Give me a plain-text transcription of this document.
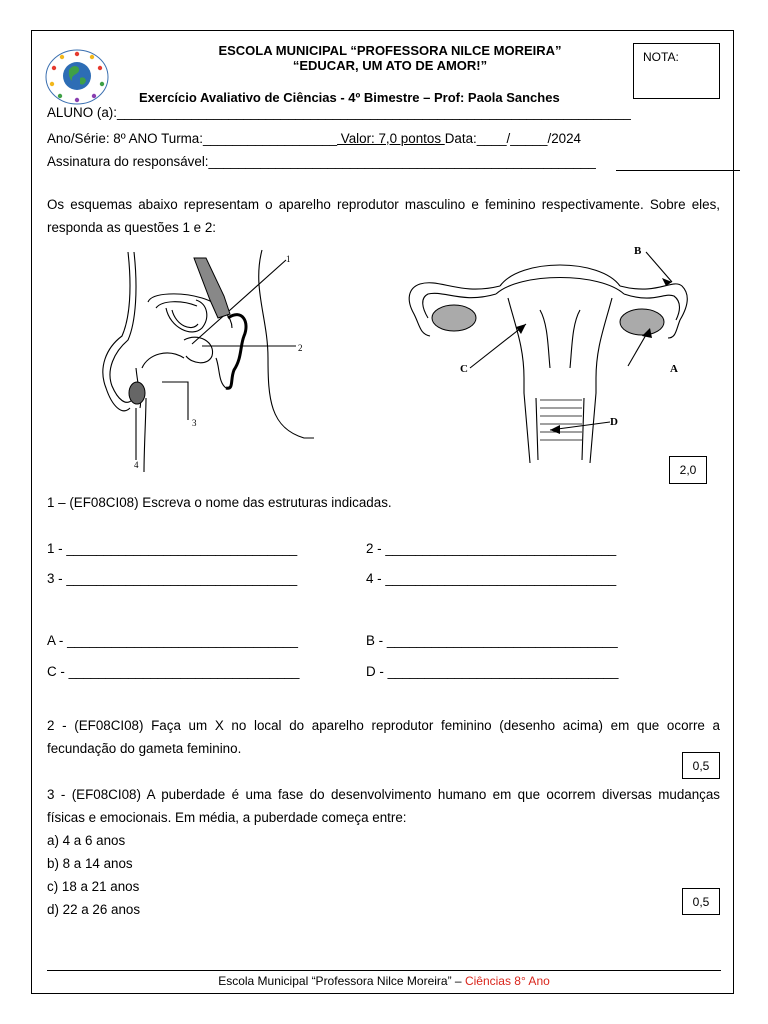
ESCOLA MUNICIPAL “PROFESSORA NILCE MOREIRA”
“EDUCAR, UM ATO DE AMOR!”
Exercício Avaliativo de Ciências - 4º Bimestre – Prof: Paola Sanches
NOTA:
ALUNO (a):_____________________________________________________________________
Ano/Série: 8º ANO Turma:__________________ Valor: 7,0 pontos Data:____/_____/2024
Assinatura do responsável:____________________________________________________
Os esquemas abaixo representam o aparelho reprodutor masculino e feminino respectivamente. Sobre eles, responda as questões 1 e 2:
1
2
3
4
B
C	A
D
2,0
0,5
0,5
1 – (EF08CI08) Escreva o nome das estruturas indicadas.
1 - _______________________________	2 - _______________________________
3 - _______________________________	4 - _______________________________
A - _______________________________	B - _______________________________
C - _______________________________	D - _______________________________
2 - (EF08CI08) Faça um X no local do aparelho reprodutor feminino (desenho acima) em que ocorre a fecundação do gameta feminino.
3 - (EF08CI08) A puberdade é uma fase do desenvolvimento humano em que ocorrem diversas mudanças físicas e emocionais. Em média, a puberdade começa entre:
a) 4 a 6 anos
b) 8 a 14 anos
c) 18 a 21 anos
d) 22 a 26 anos
Escola Municipal “Professora Nilce Moreira” – Ciências 8° Ano
